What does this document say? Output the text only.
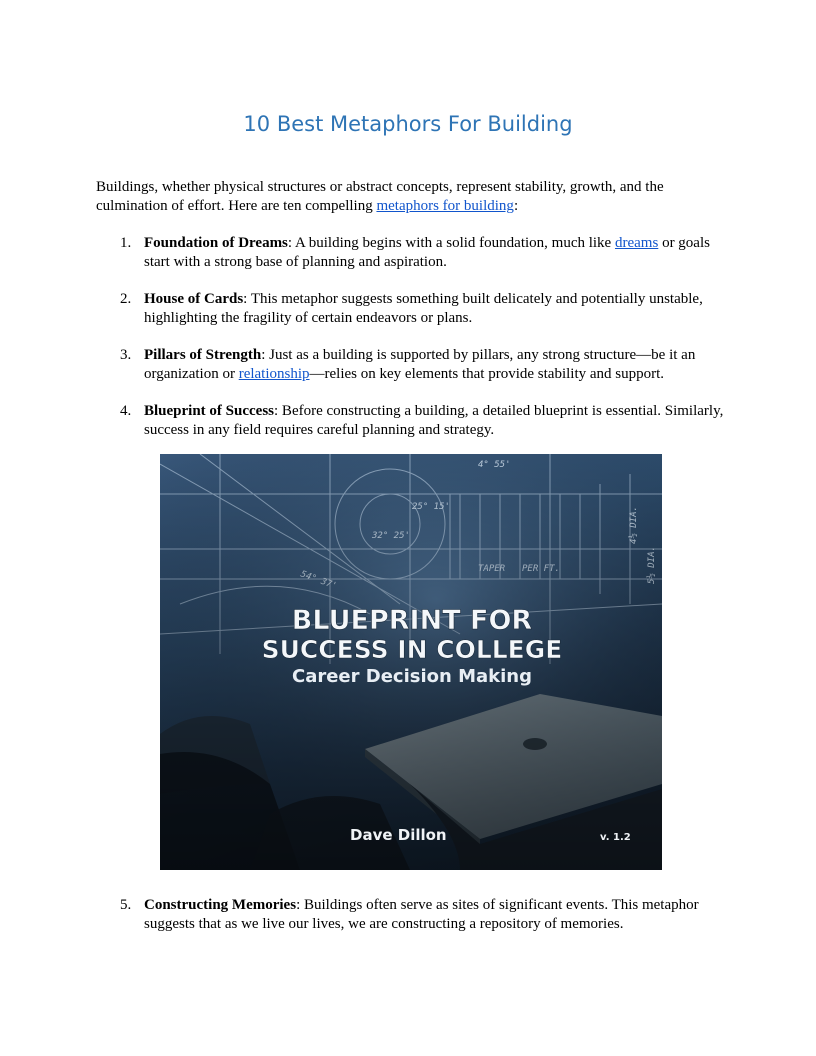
10 Best Metaphors For Building

Buildings, whether physical structures or abstract concepts, represent stability, growth, and the culmination of effort. Here are ten compelling metaphors for building:

1. Foundation of Dreams: A building begins with a solid foundation, much like dreams or goals start with a strong base of planning and aspiration.
2. House of Cards: This metaphor suggests something built delicately and potentially unstable, highlighting the fragility of certain endeavors or plans.
3. Pillars of Strength: Just as a building is supported by pillars, any strong structure—be it an organization or relationship—relies on key elements that provide stability and support.
4. Blueprint of Success: Before constructing a building, a detailed blueprint is essential. Similarly, success in any field requires careful planning and strategy.
BLUEPRINT FOR
SUCCESS IN COLLEGE
Career Decision Making
Dave Dillon	v. 1.2
5. Constructing Memories: Buildings often serve as sites of significant events. This metaphor suggests that as we live our lives, we are constructing a repository of memories.
